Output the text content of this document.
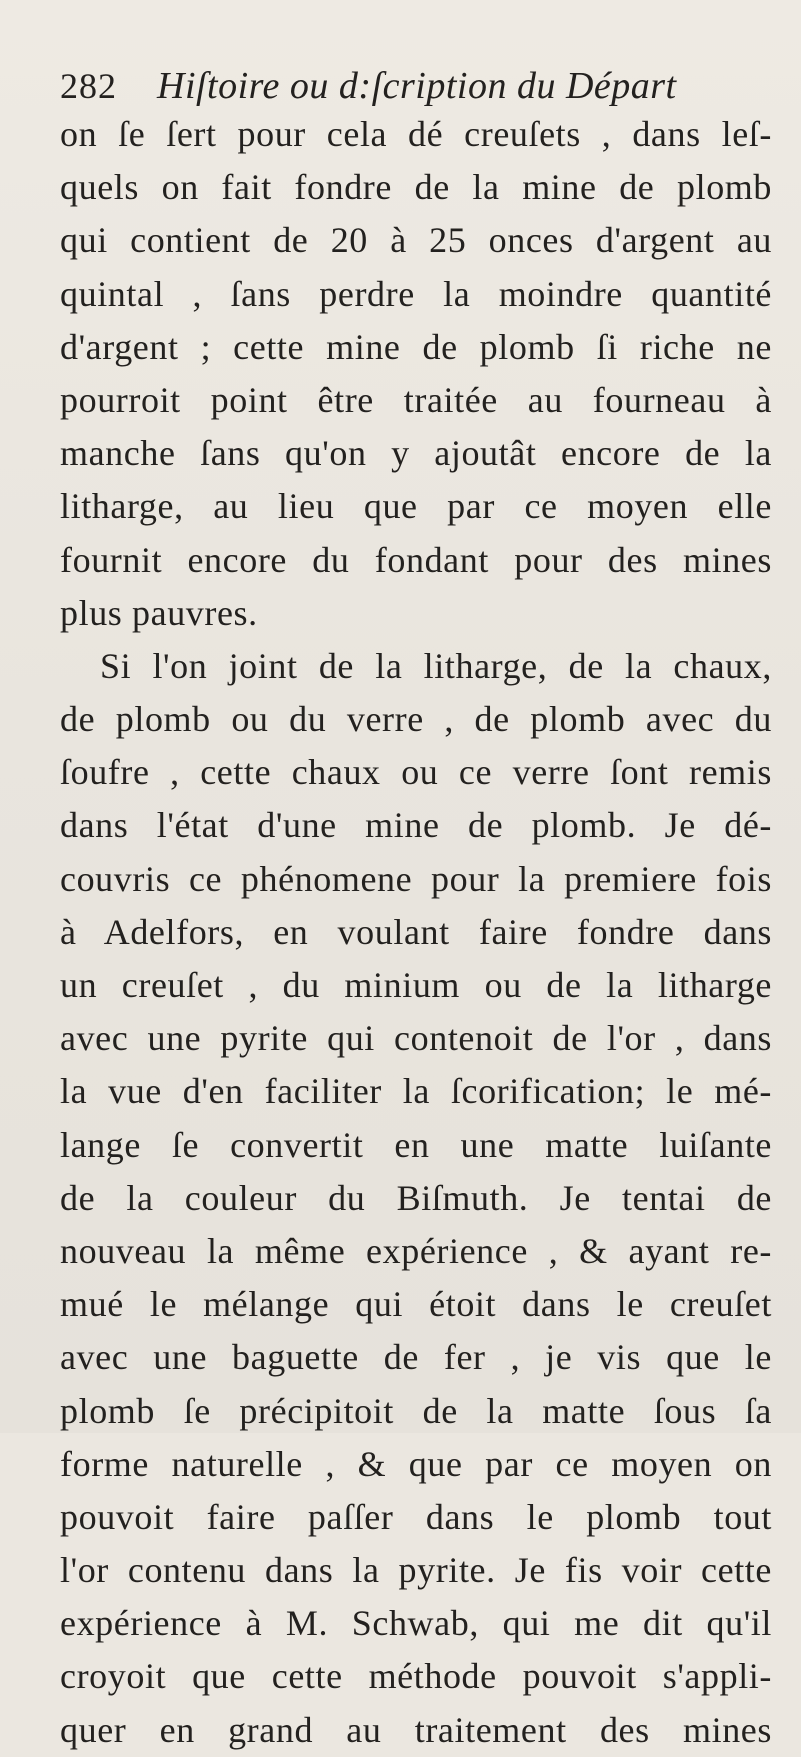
282 Hiſtoire ou d:ſcription du Départ
on ſe ſert pour cela dé creuſets , dans leſ-
quels on fait fondre de la mine de plomb
qui contient de 20 à 25 onces d'argent au
quintal , ſans perdre la moindre quantité
d'argent ; cette mine de plomb ſi riche ne
pourroit point être traitée au fourneau à
manche ſans qu'on y ajoutât encore de la
litharge, au lieu que par ce moyen elle
fournit encore du fondant pour des mines
plus pauvres.
Si l'on joint de la litharge, de la chaux,
de plomb ou du verre , de plomb avec du
ſoufre , cette chaux ou ce verre ſont remis
dans l'état d'une mine de plomb. Je dé-
couvris ce phénomene pour la premiere fois
à Adelfors, en voulant faire fondre dans
un creuſet , du minium ou de la litharge
avec une pyrite qui contenoit de l'or , dans
la vue d'en faciliter la ſcorification; le mé-
lange ſe convertit en une matte luiſante
de la couleur du Biſmuth. Je tentai de
nouveau la même expérience , & ayant re-
mué le mélange qui étoit dans le creuſet
avec une baguette de fer , je vis que le
plomb ſe précipitoit de la matte ſous ſa
forme naturelle , & que par ce moyen on
pouvoit faire paſſer dans le plomb tout
l'or contenu dans la pyrite. Je fis voir cette
expérience à M. Schwab, qui me dit qu'il
croyoit que cette méthode pouvoit s'appli-
quer en grand au traitement des mines
